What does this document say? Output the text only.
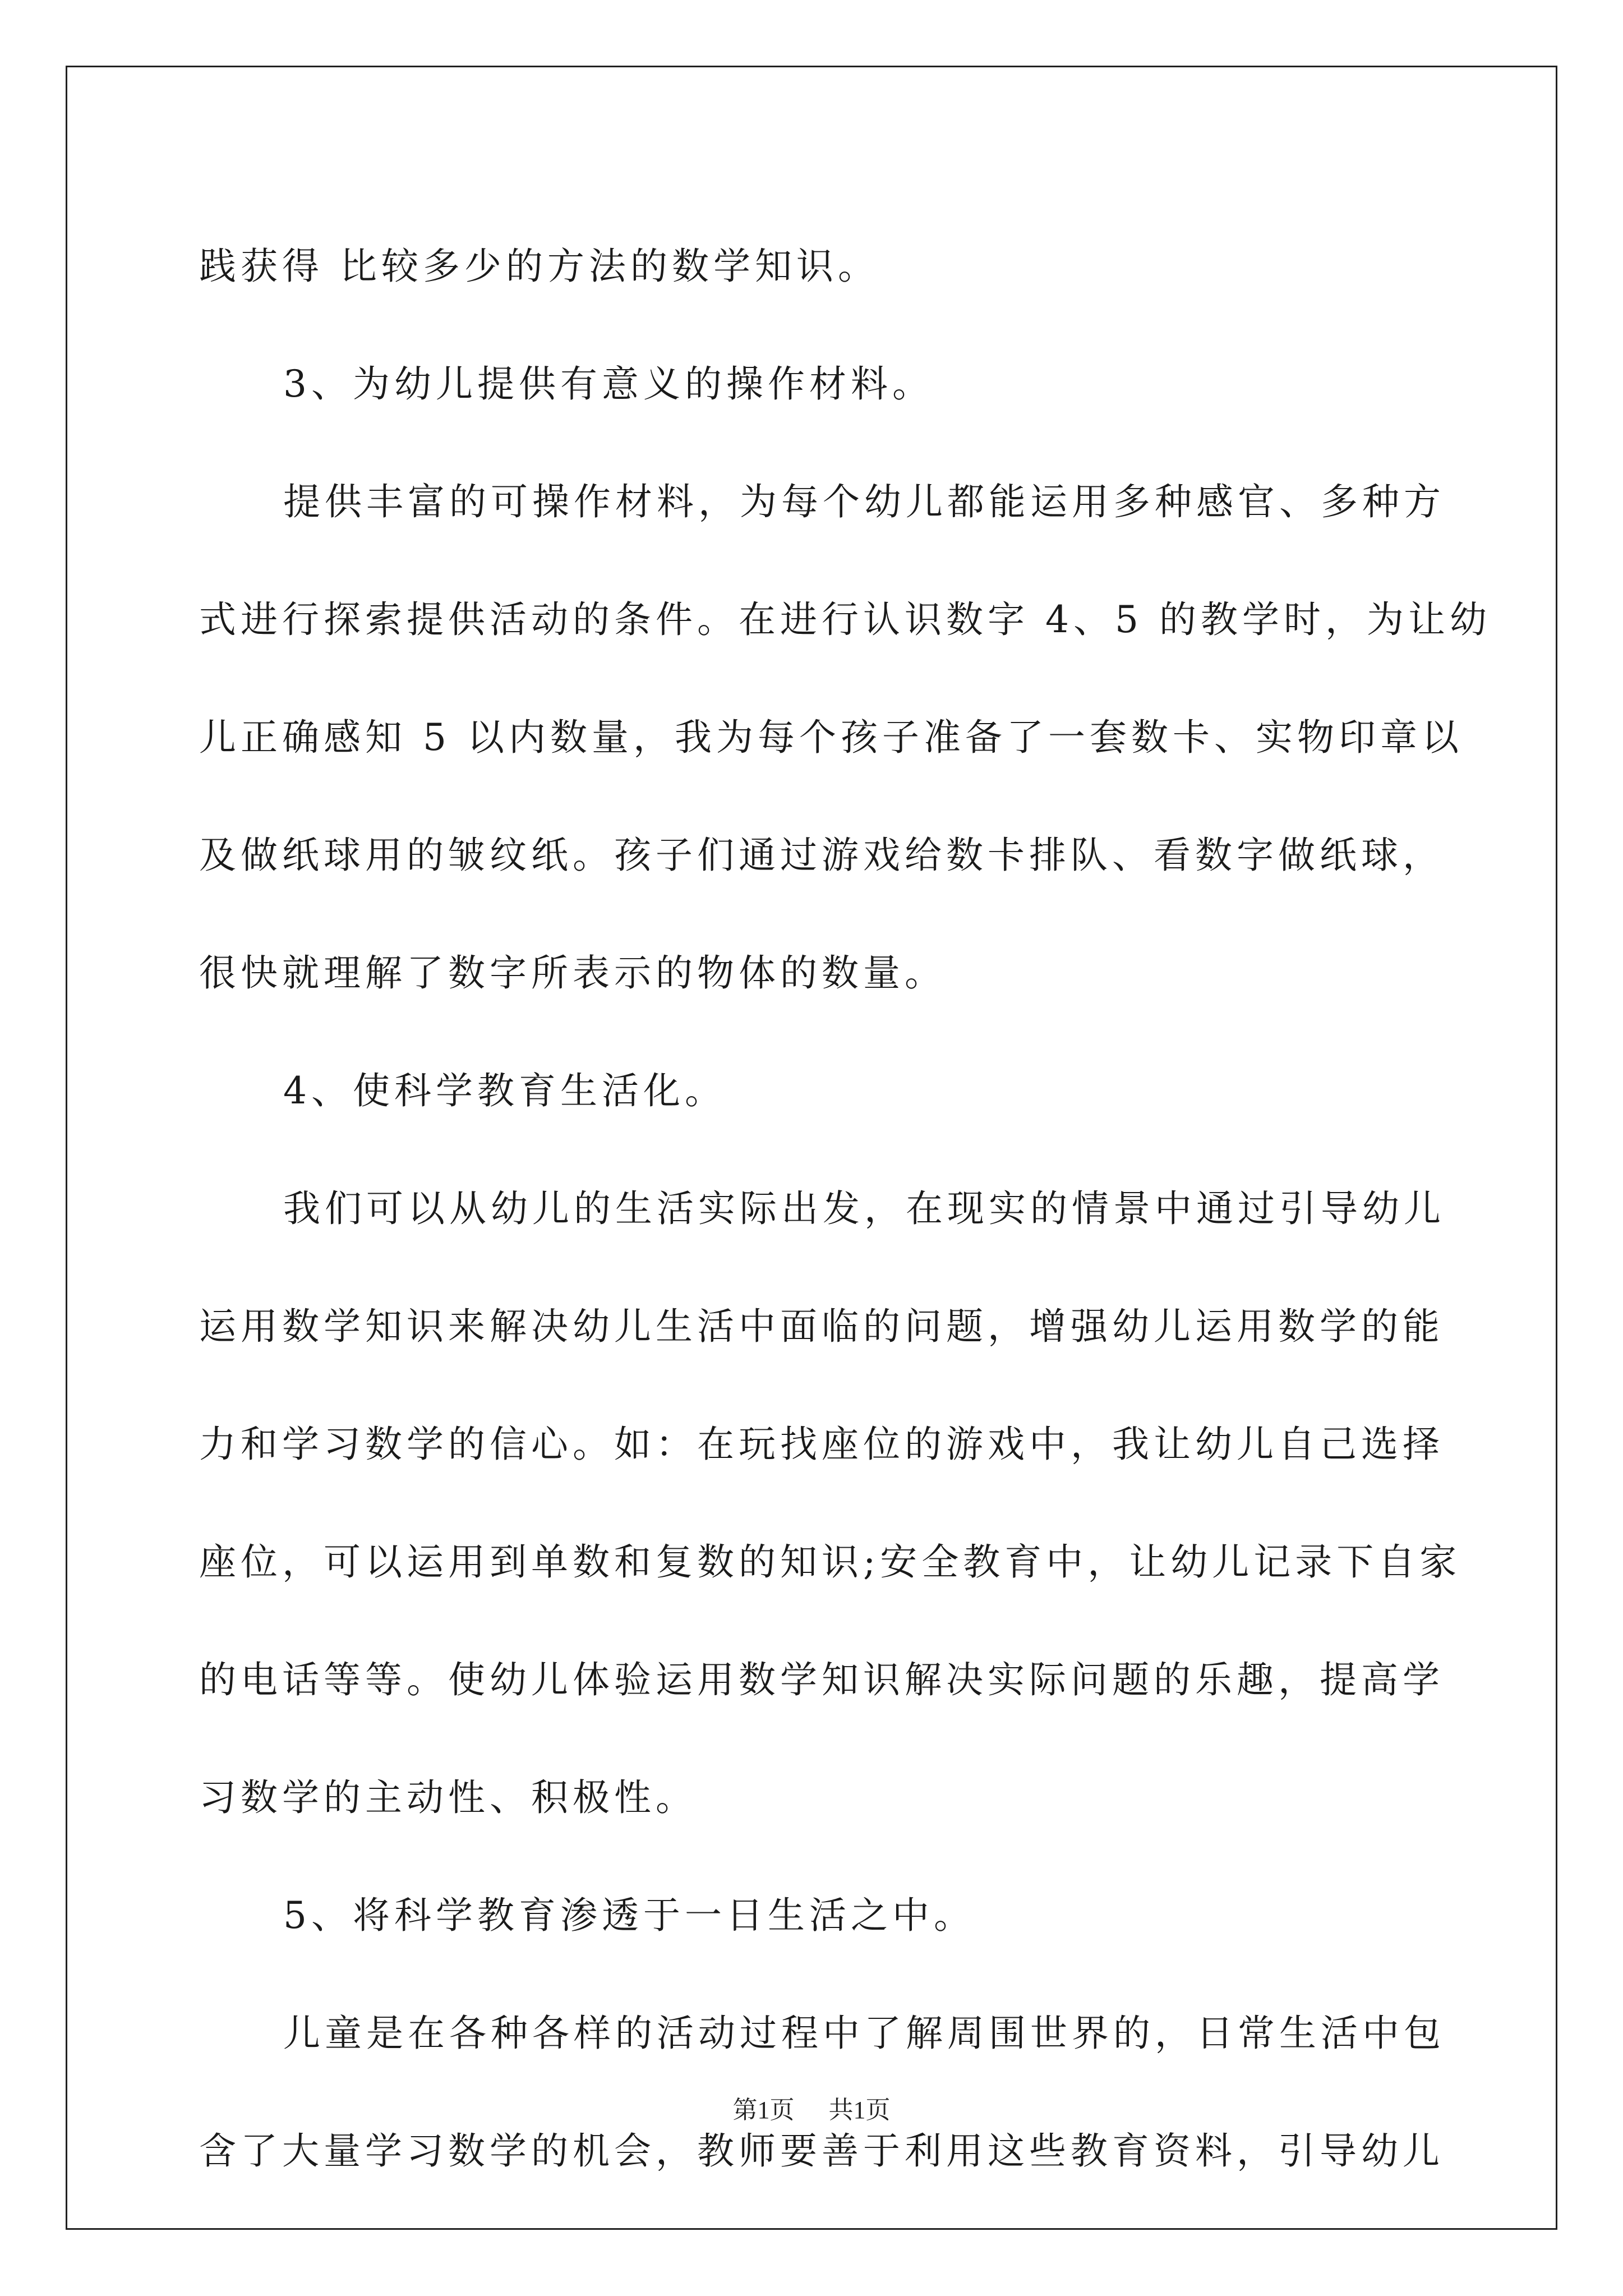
践获得 比较多少的方法的数学知识。
3、为幼儿提供有意义的操作材料。
提供丰富的可操作材料，为每个幼儿都能运用多种感官、多种方
式进行探索提供活动的条件。在进行认识数字 4、5 的教学时，为让幼
儿正确感知 5 以内数量，我为每个孩子准备了一套数卡、实物印章以
及做纸球用的皱纹纸。孩子们通过游戏给数卡排队、看数字做纸球，
很快就理解了数字所表示的物体的数量。
4、使科学教育生活化。
我们可以从幼儿的生活实际出发，在现实的情景中通过引导幼儿
运用数学知识来解决幼儿生活中面临的问题，增强幼儿运用数学的能
力和学习数学的信心。如：在玩找座位的游戏中，我让幼儿自己选择
座位，可以运用到单数和复数的知识;安全教育中，让幼儿记录下自家
的电话等等。使幼儿体验运用数学知识解决实际问题的乐趣，提高学
习数学的主动性、积极性。
5、将科学教育渗透于一日生活之中。
儿童是在各种各样的活动过程中了解周围世界的，日常生活中包
含了大量学习数学的机会，教师要善于利用这些教育资料，引导幼儿
第1页 共1页
